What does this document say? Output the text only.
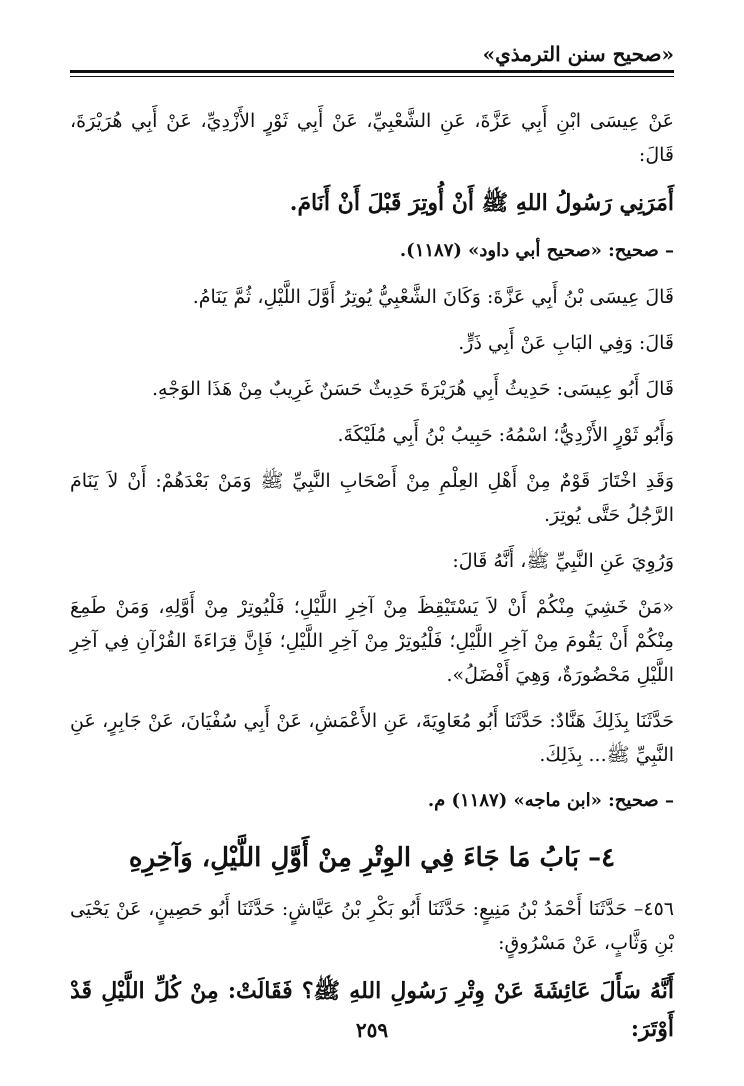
«صحيح سنن الترمذي»

عَنْ عِيسَى ابْنِ أَبِي عَزَّةَ، عَنِ الشَّعْبِيِّ، عَنْ أَبِي ثَوْرٍ الأَزْدِيِّ، عَنْ أَبِي هُرَيْرَةَ، قَالَ:

أَمَرَنِي رَسُولُ اللهِ ﷺ أَنْ أُوتِرَ قَبْلَ أَنْ أَنَامَ.

– صحيح: «صحيح أبي داود» (١١٨٧).

قَالَ عِيسَى بْنُ أَبِي عَزَّةَ: وَكَانَ الشَّعْبِيُّ يُوتِرُ أَوَّلَ اللَّيْلِ، ثُمَّ يَنَامُ.

قَالَ: وَفِي البَابِ عَنْ أَبِي ذَرٍّ.

قَالَ أَبُو عِيسَى: حَدِيثُ أَبِي هُرَيْرَةَ حَدِيثٌ حَسَنٌ غَرِيبٌ مِنْ هَذَا الوَجْهِ.

وَأَبُو ثَوْرٍ الأَزْدِيُّ؛ اسْمُهُ: حَبِيبُ بْنُ أَبِي مُلَيْكَةَ.

وَقَدِ اخْتَارَ قَوْمٌ مِنْ أَهْلِ العِلْمِ مِنْ أَصْحَابِ النَّبِيِّ ﷺ وَمَنْ بَعْدَهُمْ: أَنْ لاَ يَنَامَ الرَّجُلُ حَتَّى يُوتِرَ.

وَرُوِيَ عَنِ النَّبِيِّ ﷺ، أَنَّهُ قَالَ:

«مَنْ خَشِيَ مِنْكُمْ أَنْ لاَ يَسْتَيْقِظَ مِنْ آخِرِ اللَّيْلِ؛ فَلْيُوتِرْ مِنْ أَوَّلِهِ، وَمَنْ طَمِعَ مِنْكُمْ أَنْ يَقُومَ مِنْ آخِرِ اللَّيْلِ؛ فَلْيُوتِرْ مِنْ آخِرِ اللَّيْلِ؛ فَإِنَّ قِرَاءَةَ القُرْآنِ فِي آخِرِ اللَّيْلِ مَحْضُورَةٌ، وَهِيَ أَفْضَلُ».

حَدَّثَنَا بِذَلِكَ هَنَّادٌ: حَدَّثَنَا أَبُو مُعَاوِيَةَ، عَنِ الأَعْمَشِ، عَنْ أَبِي سُفْيَانَ، عَنْ جَابِرٍ، عَنِ النَّبِيِّ ﷺ... بِذَلِكَ.

– صحيح: «ابن ماجه» (١١٨٧) م.

٤– بَابُ مَا جَاءَ فِي الوِتْرِ مِنْ أَوَّلِ اللَّيْلِ، وَآخِرِهِ

٤٥٦– حَدَّثَنَا أَحْمَدُ بْنُ مَنِيعٍ: حَدَّثَنَا أَبُو بَكْرِ بْنُ عَيَّاشٍ: حَدَّثَنَا أَبُو حَصِينٍ، عَنْ يَحْيَى بْنِ وَثَّابٍ، عَنْ مَسْرُوقٍ:

أَنَّهُ سَأَلَ عَائِشَةَ عَنْ وِتْرِ رَسُولِ اللهِ ﷺ؟ فَقَالَتْ: مِنْ كُلِّ اللَّيْلِ قَدْ أَوْتَرَ:

٢٥٩
